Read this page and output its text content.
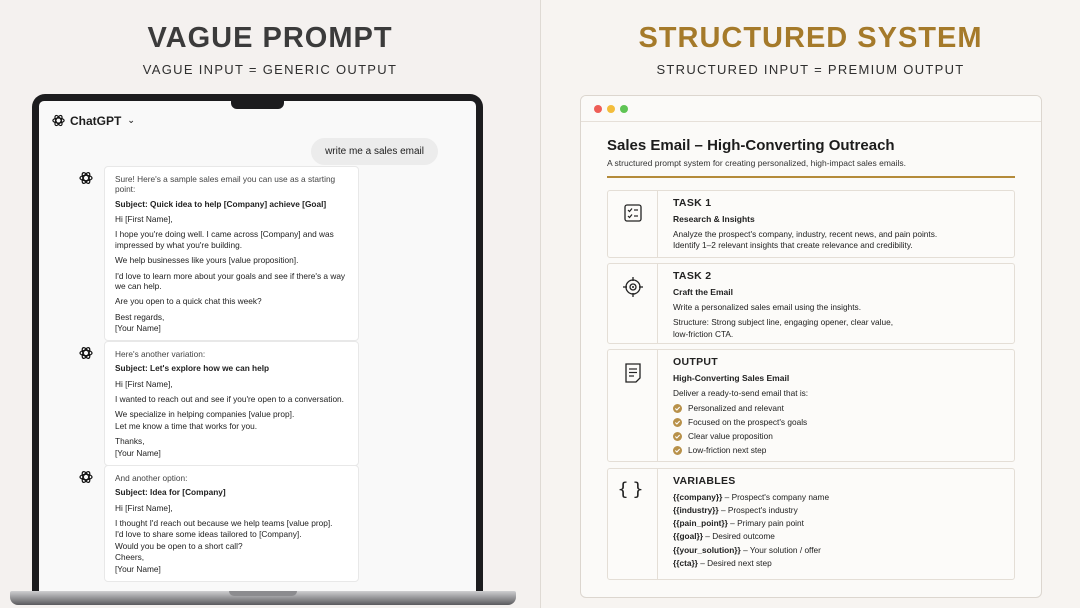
VAGUE PROMPT
VAGUE INPUT = GENERIC OUTPUT
ChatGPT ⌄
write me a sales email

Sure! Here's a sample sales email you can use as a starting point:

Subject: Quick idea to help [Company] achieve [Goal]

Hi [First Name],

I hope you're doing well. I came across [Company] and was impressed by what you're building.

We help businesses like yours [value proposition].

I'd love to learn more about your goals and see if there's a way we can help.

Are you open to a quick chat this week?

Best regards,

[Your Name]

Here's another variation:

Subject: Let's explore how we can help

Hi [First Name],

I wanted to reach out and see if you're open to a conversation.

We specialize in helping companies [value prop].

Let me know a time that works for you.

Thanks,

[Your Name]

And another option:

Subject: Idea for [Company]

Hi [First Name],

I thought I'd reach out because we help teams [value prop].

I'd love to share some ideas tailored to [Company].

Would you be open to a short call?

Cheers,

[Your Name]

STRUCTURED SYSTEM
STRUCTURED INPUT = PREMIUM OUTPUT
Sales Email – High-Converting Outreach
A structured prompt system for creating personalized, high-impact sales emails.
TASK 1
Research & Insights
Analyze the prospect's company, industry, recent news, and pain points.
Identify 1–2 relevant insights that create relevance and credibility.
TASK 2
Craft the Email
Write a personalized sales email using the insights.
Structure: Strong subject line, engaging opener, clear value,
low-friction CTA.
OUTPUT
High-Converting Sales Email
Deliver a ready-to-send email that is:
Personalized and relevant
Focused on the prospect's goals
Clear value proposition
Low-friction next step
{} VARIABLES
{{company}} – Prospect's company name
{{industry}} – Prospect's industry
{{pain_point}} – Primary pain point
{{goal}} – Desired outcome
{{your_solution}} – Your solution / offer
{{cta}} – Desired next step
